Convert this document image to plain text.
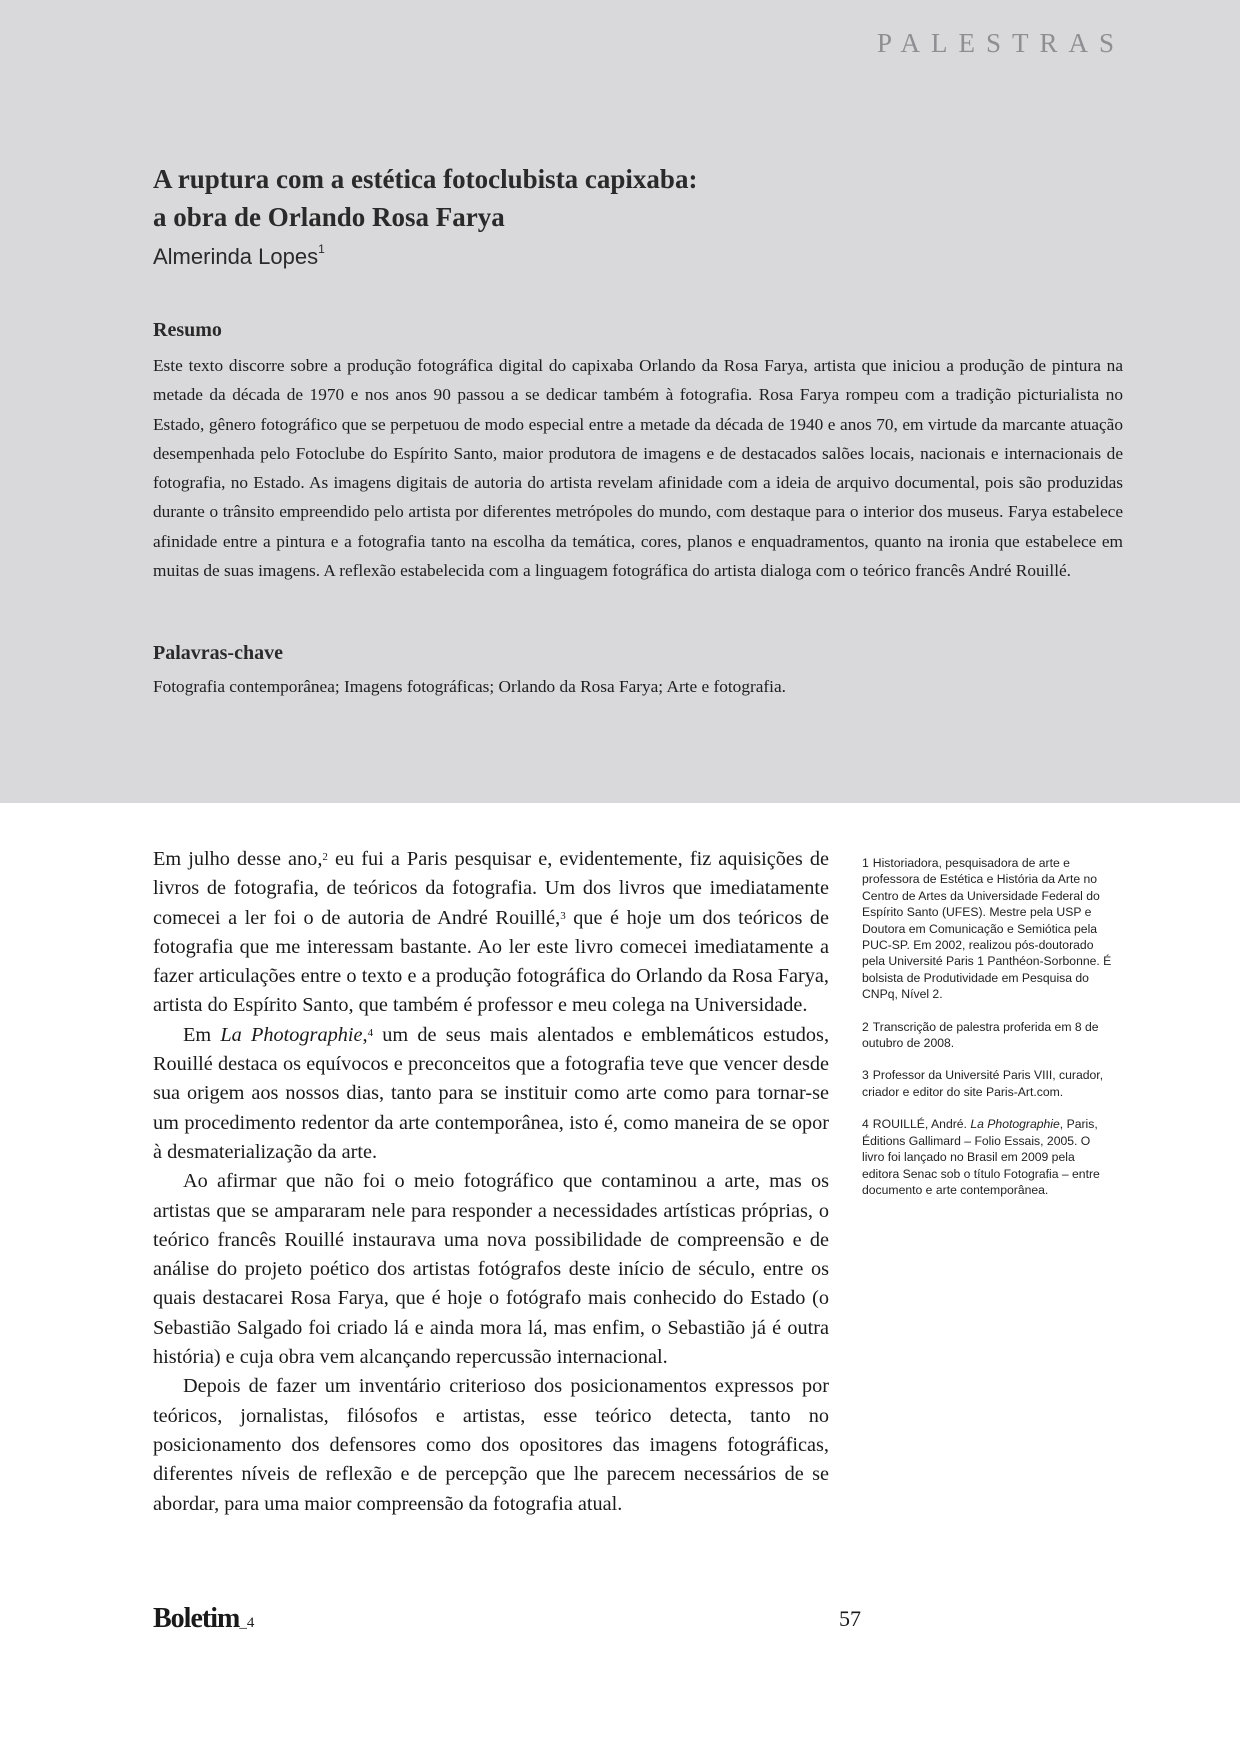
PALESTRAS
A ruptura com a estética fotoclubista capixaba:
a obra de Orlando Rosa Farya
Almerinda Lopes$^1$
Resumo

Este texto discorre sobre a produção fotográfica digital do capixaba Orlando da Rosa Farya, artista que iniciou a produção de pintura na metade da década de 1970 e nos anos 90 passou a se dedicar também à fotografia. Rosa Farya rompeu com a tradição picturialista no Estado, gênero fotográfico que se perpetuou de modo especial entre a metade da década de 1940 e anos 70, em virtude da marcante atuação desempenhada pelo Fotoclube do Espírito Santo, maior produtora de imagens e de destacados salões locais, nacionais e internacionais de fotografia, no Estado. As imagens digitais de autoria do artista revelam afinidade com a ideia de arquivo documental, pois são produzidas durante o trânsito empreendido pelo artista por diferentes metrópoles do mundo, com destaque para o interior dos museus. Farya estabelece afinidade entre a pintura e a fotografia tanto na escolha da temática, cores, planos e enquadramentos, quanto na ironia que estabelece em muitas de suas imagens. A reflexão estabelecida com a linguagem fotográfica do artista dialoga com o teórico francês André Rouillé.

Palavras-chave

Fotografia contemporânea; Imagens fotográficas; Orlando da Rosa Farya; Arte e fotografia.

Em julho desse ano,$^2$ eu fui a Paris pesquisar e, evidentemente, fiz aquisições de livros de fotografia, de teóricos da fotografia. Um dos livros que imediatamente comecei a ler foi o de autoria de André Rouillé,$^3$ que é hoje um dos teóricos de fotografia que me interessam bastante. Ao ler este livro comecei imediatamente a fazer articulações entre o texto e a produção fotográfica do Orlando da Rosa Farya, artista do Espírito Santo, que também é professor e meu colega na Universidade.

Em La Photographie,$^4$ um de seus mais alentados e emblemáticos estudos, Rouillé destaca os equívocos e preconceitos que a fotografia teve que vencer desde sua origem aos nossos dias, tanto para se instituir como arte como para tornar-se um procedimento redentor da arte contemporânea, isto é, como maneira de se opor à desmaterialização da arte.

Ao afirmar que não foi o meio fotográfico que contaminou a arte, mas os artistas que se ampararam nele para responder a necessidades artísticas próprias, o teórico francês Rouillé instaurava uma nova possibilidade de compreensão e de análise do projeto poético dos artistas fotógrafos deste início de século, entre os quais destacarei Rosa Farya, que é hoje o fotógrafo mais conhecido do Estado (o Sebastião Salgado foi criado lá e ainda mora lá, mas enfim, o Sebastião já é outra história) e cuja obra vem alcançando repercussão internacional.

Depois de fazer um inventário criterioso dos posicionamentos expressos por teóricos, jornalistas, filósofos e artistas, esse teórico detecta, tanto no posicionamento dos defensores como dos opositores das imagens fotográficas, diferentes níveis de reflexão e de percepção que lhe parecem necessários de se abordar, para uma maior compreensão da fotografia atual.

1 Historiadora, pesquisadora de arte e professora de Estética e História da Arte no Centro de Artes da Universidade Federal do Espírito Santo (UFES). Mestre pela USP e Doutora em Comunicação e Semiótica pela PUC-SP. Em 2002, realizou pós-doutorado pela Université Paris 1 Panthéon-Sorbonne. É bolsista de Produtividade em Pesquisa do CNPq, Nível 2.

2 Transcrição de palestra proferida em 8 de outubro de 2008.

3 Professor da Université Paris VIII, curador, criador e editor do site Paris-Art.com.

4 ROUILLÉ, André. La Photographie, Paris, Éditions Gallimard – Folio Essais, 2005. O livro foi lançado no Brasil em 2009 pela editora Senac sob o título Fotografia – entre documento e arte contemporânea.

Boletim_4	57
